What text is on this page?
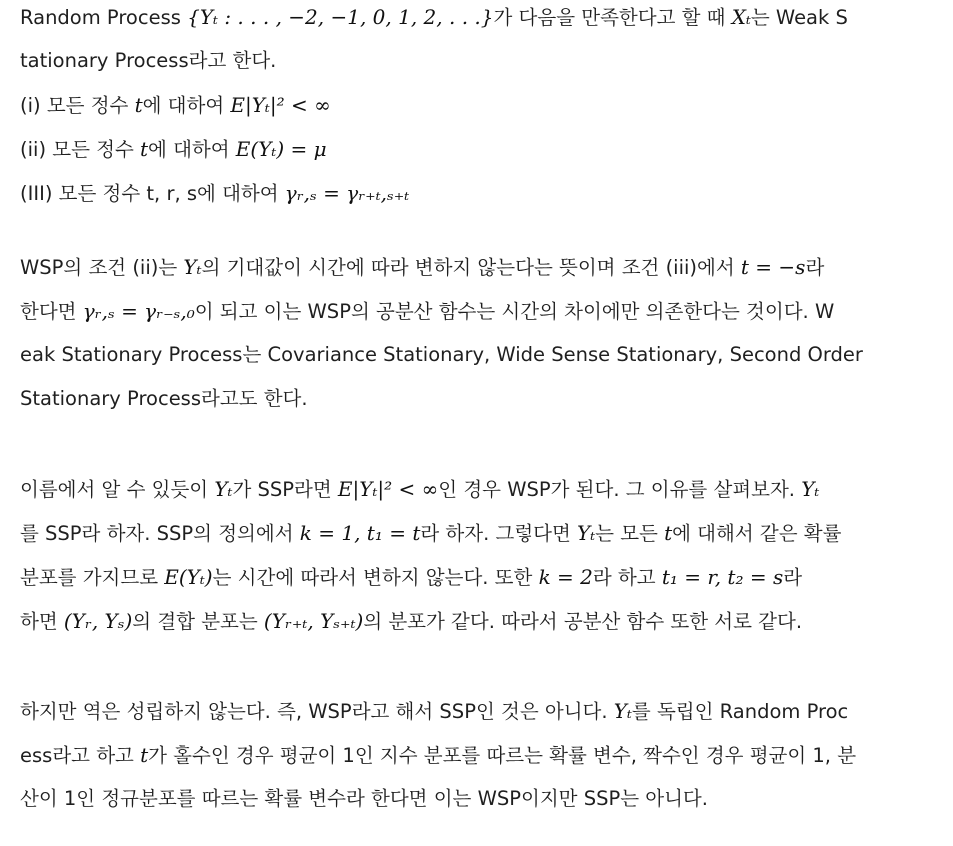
Random Process {Yₜ : . . . , −2, −1, 0, 1, 2, . . .}가 다음을 만족한다고 할 때 Xₜ는 Weak S
tationary Process라고 한다.
(i) 모든 정수 t에 대하여 E|Yₜ|² < ∞
(ii) 모든 정수 t에 대하여 E(Yₜ) = μ
(III) 모든 정수 t, r, s에 대하여 γᵣ,ₛ = γᵣ₊ₜ,ₛ₊ₜ
WSP의 조건 (ii)는 Yₜ의 기대값이 시간에 따라 변하지 않는다는 뜻이며 조건 (iii)에서 t = −s라
한다면 γᵣ,ₛ = γᵣ₋ₛ,₀이 되고 이는 WSP의 공분산 함수는 시간의 차이에만 의존한다는 것이다. W
eak Stationary Process는 Covariance Stationary, Wide Sense Stationary, Second Order
Stationary Process라고도 한다.
이름에서 알 수 있듯이 Yₜ가 SSP라면 E|Yₜ|² < ∞인 경우 WSP가 된다. 그 이유를 살펴보자. Yₜ
를 SSP라 하자. SSP의 정의에서 k = 1, t₁ = t라 하자. 그렇다면 Yₜ는 모든 t에 대해서 같은 확률
분포를 가지므로 E(Yₜ)는 시간에 따라서 변하지 않는다. 또한 k = 2라 하고 t₁ = r, t₂ = s라
하면 (Yᵣ, Yₛ)의 결합 분포는 (Yᵣ₊ₜ, Yₛ₊ₜ)의 분포가 같다. 따라서 공분산 함수 또한 서로 같다.
하지만 역은 성립하지 않는다. 즉, WSP라고 해서 SSP인 것은 아니다. Yₜ를 독립인 Random Proc
ess라고 하고 t가 홀수인 경우 평균이 1인 지수 분포를 따르는 확률 변수, 짝수인 경우 평균이 1, 분
산이 1인 정규분포를 따르는 확률 변수라 한다면 이는 WSP이지만 SSP는 아니다.
